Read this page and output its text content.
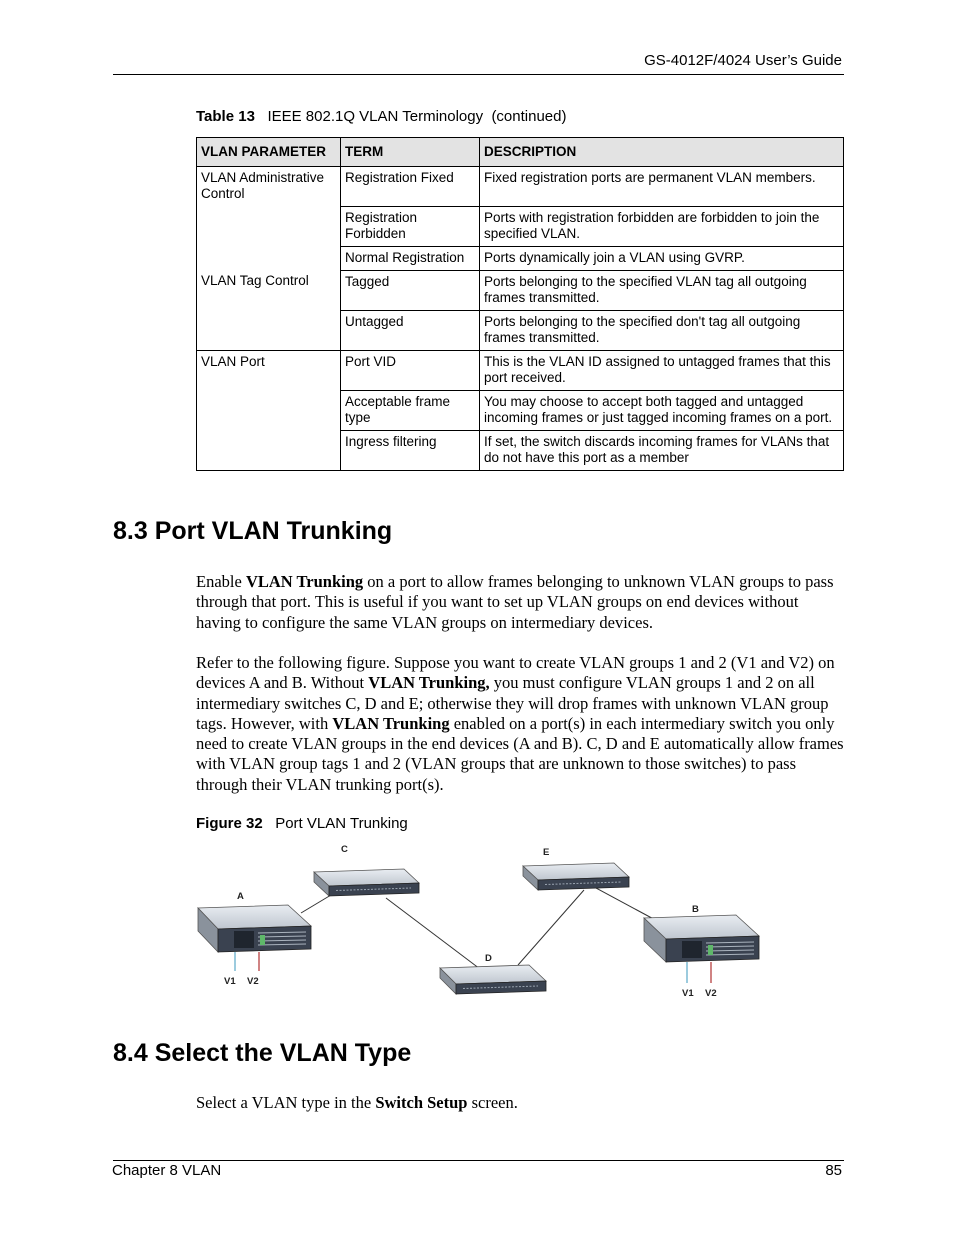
GS-4012F/4024 User’s Guide
Table 13 IEEE 802.1Q VLAN Terminology  (continued)
VLAN PARAMETER	TERM	DESCRIPTION
VLAN Administrative Control	Registration Fixed	Fixed registration ports are permanent VLAN members.
	Registration Forbidden	Ports with registration forbidden are forbidden to join the specified VLAN.
	Normal Registration	Ports dynamically join a VLAN using GVRP.
VLAN Tag Control	Tagged	Ports belonging to the specified VLAN tag all outgoing frames transmitted.
	Untagged	Ports belonging to the specified don't tag all outgoing frames transmitted.
VLAN Port	Port VID	This is the VLAN ID assigned to untagged frames that this port received.
	Acceptable frame type	You may choose to accept both tagged and untagged incoming frames or just tagged incoming frames on a port.
	Ingress filtering	If set, the switch discards incoming frames for VLANs that do not have this port as a member
8.3 Port VLAN Trunking

Enable VLAN Trunking on a port to allow frames belonging to unknown VLAN groups to pass through that port. This is useful if you want to set up VLAN groups on end devices without having to configure the same VLAN groups on intermediary devices.

Refer to the following figure. Suppose you want to create VLAN groups 1 and 2 (V1 and V2) on devices A and B. Without VLAN Trunking, you must configure VLAN groups 1 and 2 on all intermediary switches C, D and E; otherwise they will drop frames with unknown VLAN group tags. However, with VLAN Trunking enabled on a port(s) in each intermediary switch you only need to create VLAN groups in the end devices (A and B). C, D and E automatically allow frames with VLAN group tags 1 and 2 (VLAN groups that are unknown to those switches) to pass through their VLAN trunking port(s).

Figure 32 Port VLAN Trunking
C	E
A
B
D
V1 V2
V1 V2
8.4 Select the VLAN Type

Select a VLAN type in the Switch Setup screen.

Chapter 8 VLAN	85
